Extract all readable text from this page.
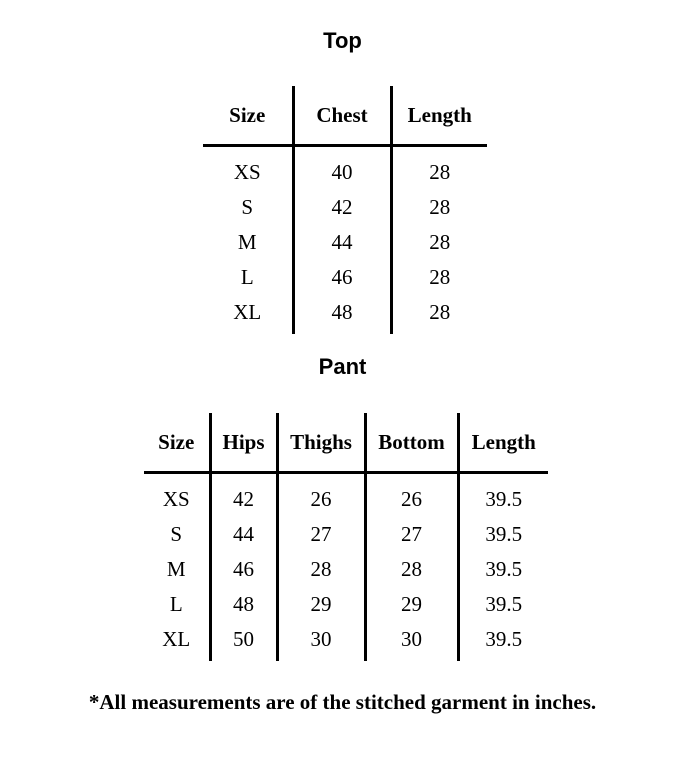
Top
Size	Chest	Length
XS	40	28
S	42	28
M	44	28
L	46	28
XL	48	28
Pant
Size	Hips	Thighs	Bottom	Length
XS	42	26	26	39.5
S	44	27	27	39.5
M	46	28	28	39.5
L	48	29	29	39.5
XL	50	30	30	39.5
*All measurements are of the stitched garment in inches.
